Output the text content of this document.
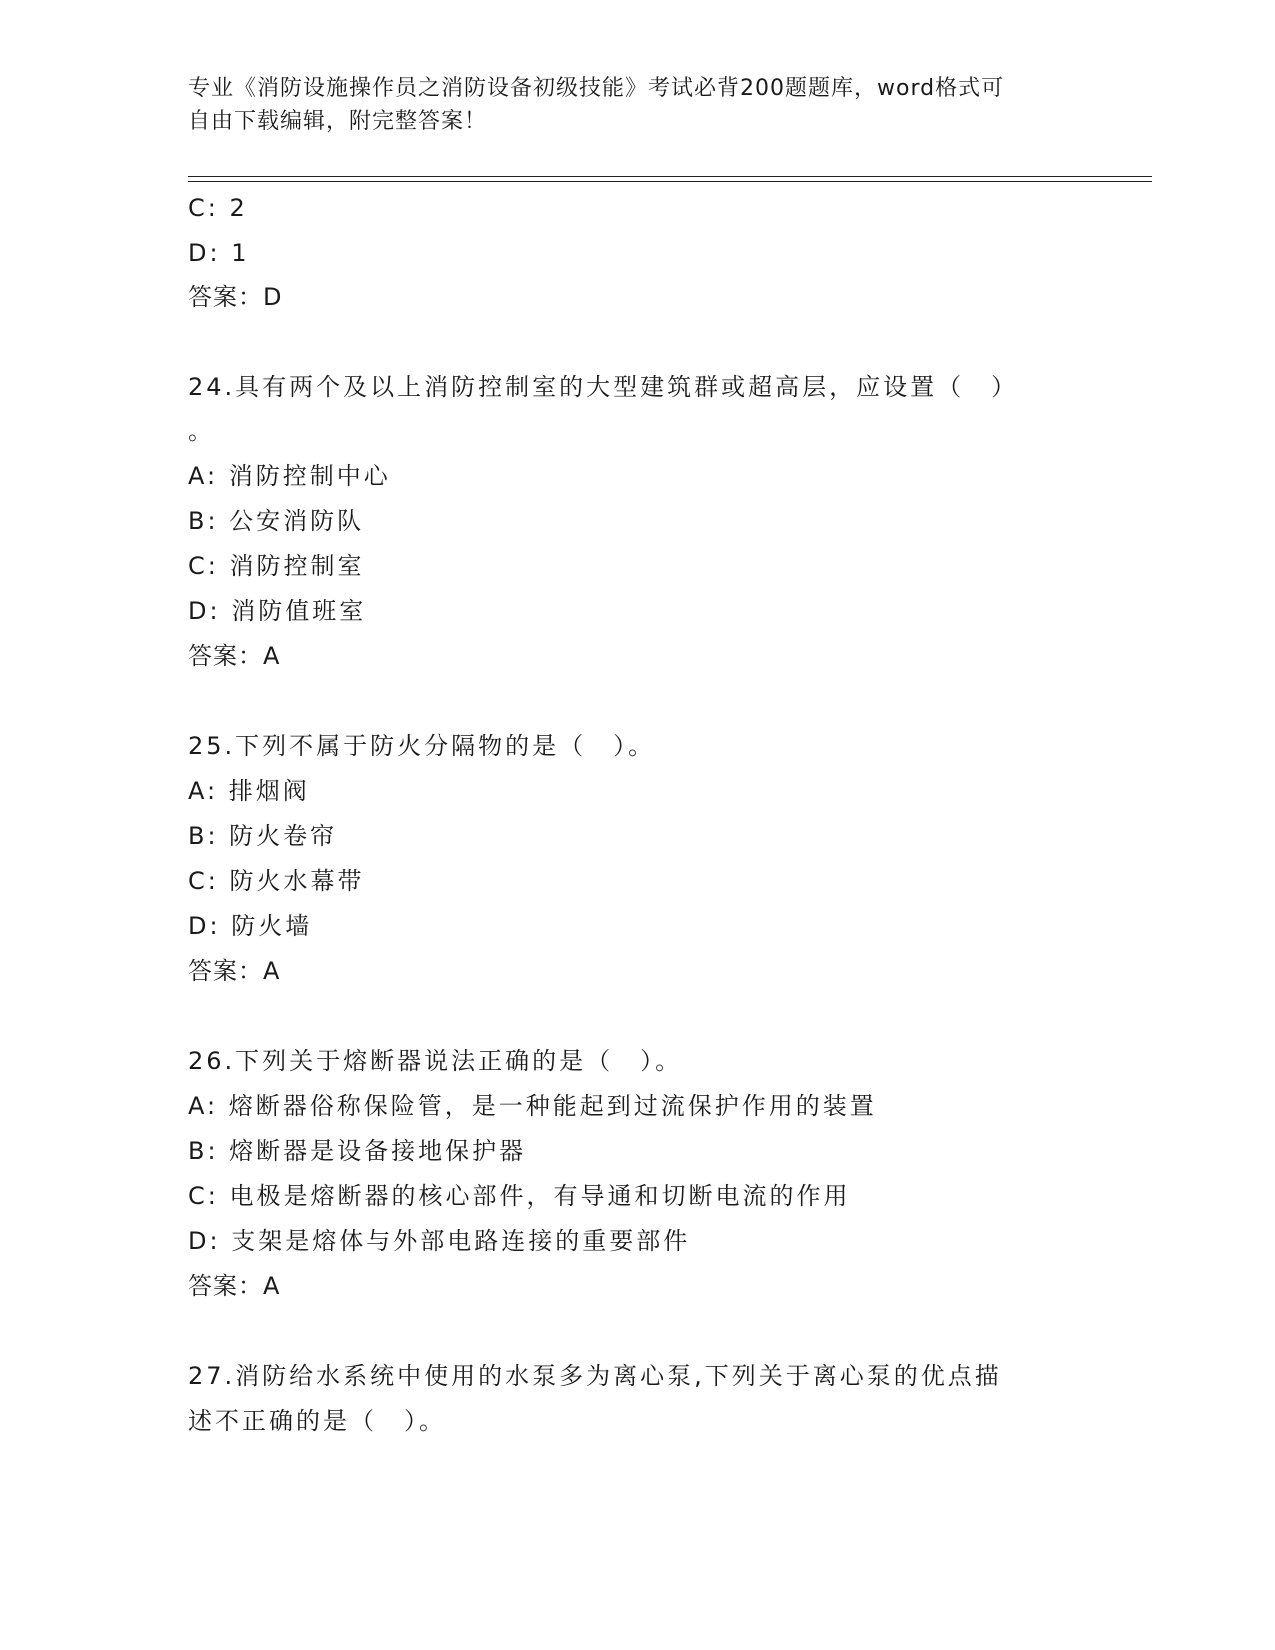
专业《消防设施操作员之消防设备初级技能》考试必背200题题库，word格式可
自由下载编辑，附完整答案！
C: 2
D: 1
答案：D
24.具有两个及以上消防控制室的大型建筑群或超高层，应设置（　）
。
A: 消防控制中心
B: 公安消防队
C: 消防控制室
D: 消防值班室
答案：A
25.下列不属于防火分隔物的是（　）。
A: 排烟阀
B: 防火卷帘
C: 防火水幕带
D: 防火墙
答案：A
26.下列关于熔断器说法正确的是（　）。
A: 熔断器俗称保险管，是一种能起到过流保护作用的装置
B: 熔断器是设备接地保护器
C: 电极是熔断器的核心部件，有导通和切断电流的作用
D: 支架是熔体与外部电路连接的重要部件
答案：A
27.消防给水系统中使用的水泵多为离心泵,下列关于离心泵的优点描
述不正确的是（　）。
